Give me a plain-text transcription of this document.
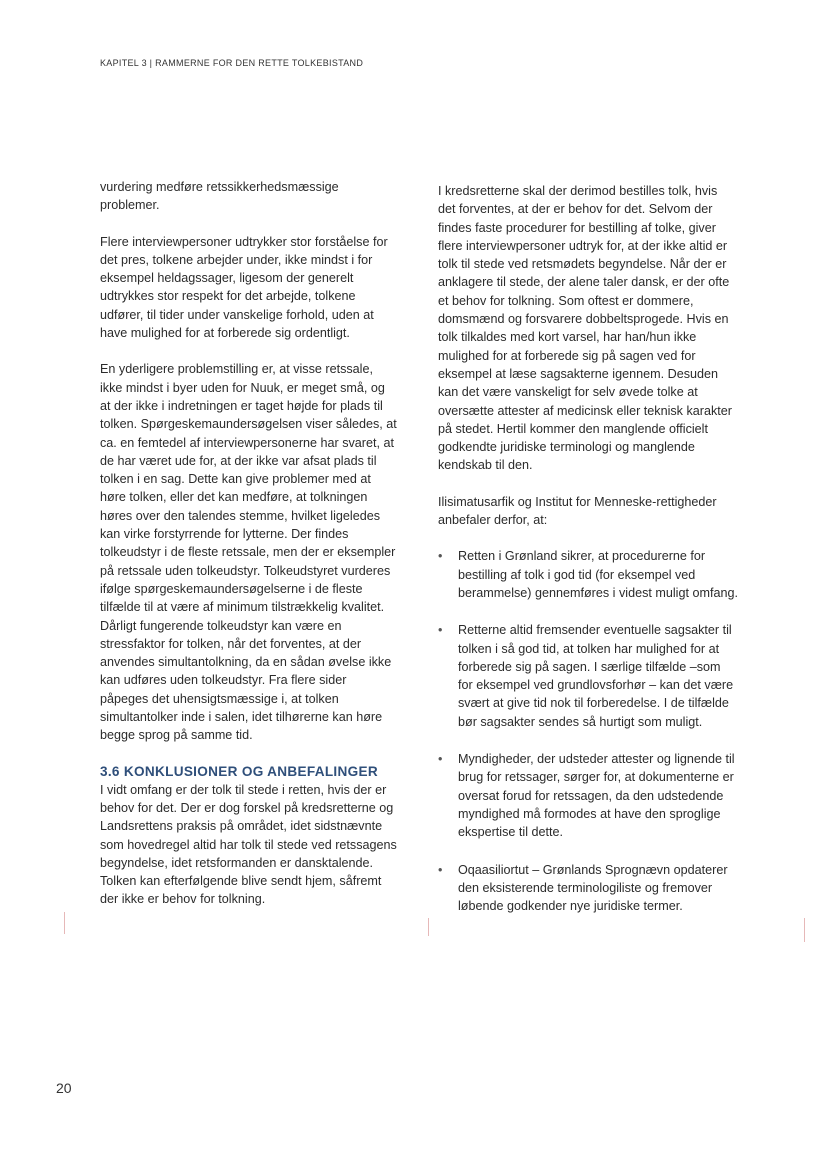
KAPITEL 3 | RAMMERNE FOR DEN RETTE TOLKEBISTAND

vurdering medføre retssikkerhedsmæssige problemer.

Flere interviewpersoner udtrykker stor forståelse for det pres, tolkene arbejder under, ikke mindst i for eksempel heldagssager, ligesom der generelt udtrykkes stor respekt for det arbejde, tolkene udfører, til tider under vanskelige forhold, uden at have mulighed for at forberede sig ordentligt.

En yderligere problemstilling er, at visse retssale, ikke mindst i byer uden for Nuuk, er meget små, og at der ikke i indretningen er taget højde for plads til tolken. Spørgeskemaundersøgelsen viser således, at ca. en femtedel af interviewpersonerne har svaret, at de har været ude for, at der ikke var afsat plads til tolken i en sag. Dette kan give problemer med at høre tolken, eller det kan medføre, at tolkningen høres over den talendes stemme, hvilket ligeledes kan virke forstyrrende for lytterne. Der findes tolkeudstyr i de fleste retssale, men der er eksempler på retssale uden tolkeudstyr. Tolkeudstyret vurderes ifølge spørgeskemaundersøgelserne i de fleste tilfælde til at være af minimum tilstrækkelig kvalitet. Dårligt fungerende tolkeudstyr kan være en stressfaktor for tolken, når det forventes, at der anvendes simultantolkning, da en sådan øvelse ikke kan udføres uden tolkeudstyr. Fra flere sider påpeges det uhensigtsmæssige i, at tolken simultantolker inde i salen, idet tilhørerne kan høre begge sprog på samme tid.

3.6 KONKLUSIONER OG ANBEFALINGER

I vidt omfang er der tolk til stede i retten, hvis der er behov for det. Der er dog forskel på kredsretterne og Landsrettens praksis på området, idet sidstnævnte som hovedregel altid har tolk til stede ved retssagens begyndelse, idet retsformanden er dansktalende. Tolken kan efterfølgende blive sendt hjem, såfremt der ikke er behov for tolkning.

I kredsretterne skal der derimod bestilles tolk, hvis det forventes, at der er behov for det. Selvom der findes faste procedurer for bestilling af tolke, giver flere interviewpersoner udtryk for, at der ikke altid er tolk til stede ved retsmødets begyndelse. Når der er anklagere til stede, der alene taler dansk, er der ofte et behov for tolkning. Som oftest er dommere, domsmænd og forsvarere dobbeltsprogede. Hvis en tolk tilkaldes med kort varsel, har han/hun ikke mulighed for at forberede sig på sagen ved for eksempel at læse sagsakterne igennem. Desuden kan det være vanskeligt for selv øvede tolke at oversætte attester af medicinsk eller teknisk karakter på stedet. Hertil kommer den manglende officielt godkendte juridiske terminologi og manglende kendskab til den.

Ilisimatusarfik og Institut for Menneske-rettigheder anbefaler derfor, at:

• Retten i Grønland sikrer, at procedurerne for bestilling af tolk i god tid (for eksempel ved berammelse) gennemføres i videst muligt omfang.
• Retterne altid fremsender eventuelle sagsakter til tolken i så god tid, at tolken har mulighed for at forberede sig på sagen. I særlige tilfælde –som for eksempel ved grundlovsforhør – kan det være svært at give tid nok til forberedelse. I de tilfælde bør sagsakter sendes så hurtigt som muligt.
• Myndigheder, der udsteder attester og lignende til brug for retssager, sørger for, at dokumenterne er oversat forud for retssagen, da den udstedende myndighed må formodes at have den sproglige ekspertise til dette.
• Oqaasiliortut – Grønlands Sprognævn opdaterer den eksisterende terminologiliste og fremover løbende godkender nye juridiske termer.
20
